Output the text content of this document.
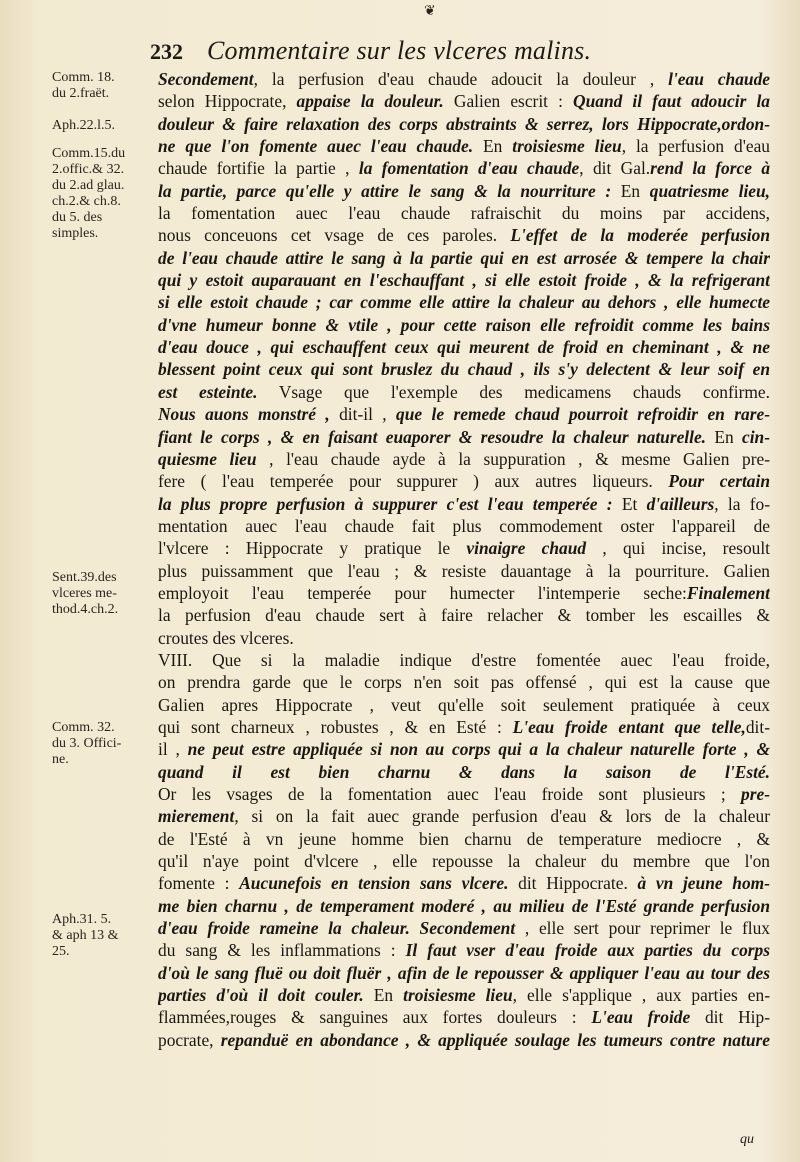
❦
232 Commentaire sur les vlceres malins.
Comm. 18.
du 2.fraët.
Aph.22.l.5.
Comm.15.du
2.offic.& 32.
du 2.ad glau.
ch.2.& ch.8.
du 5. des
simples.
Sent.39.des
vlceres me-
thod.4.ch.2.
Comm. 32.
du 3. Offici-
ne.
Aph.31. 5.
& aph 13 &
25.
Secondement, la perfusion d'eau chaude adoucit la douleur , l'eau chaude
selon Hippocrate, appaise la douleur. Galien escrit : Quand il faut adoucir la
douleur & faire relaxation des corps abstraints & serrez, lors Hippocrate,ordon-
ne que l'on fomente auec l'eau chaude. En troisiesme lieu, la perfusion d'eau
chaude fortifie la partie , la fomentation d'eau chaude, dit Gal.rend la force à
la partie, parce qu'elle y attire le sang & la nourriture : En quatriesme lieu,
la fomentation auec l'eau chaude rafraischit du moins par accidens,
nous conceuons cet vsage de ces paroles. L'effet de la moderée perfusion
de l'eau chaude attire le sang à la partie qui en est arrosée & tempere la chair
qui y estoit auparauant en l'eschauffant , si elle estoit froide , & la refrigerant
si elle estoit chaude ; car comme elle attire la chaleur au dehors , elle humecte
d'vne humeur bonne & vtile , pour cette raison elle refroidit comme les bains
d'eau douce , qui eschauffent ceux qui meurent de froid en cheminant , & ne
blessent point ceux qui sont bruslez du chaud , ils s'y delectent & leur soif en
est esteinte. Vsage que l'exemple des medicamens chauds confirme.
Nous auons monstré , dit-il , que le remede chaud pourroit refroidir en rare-
fiant le corps , & en faisant euaporer & resoudre la chaleur naturelle. En cin-
quiesme lieu , l'eau chaude ayde à la suppuration , & mesme Galien pre-
fere ( l'eau temperée pour suppurer ) aux autres liqueurs. Pour certain
la plus propre perfusion à suppurer c'est l'eau temperée : Et d'ailleurs, la fo-
mentation auec l'eau chaude fait plus commodement oster l'appareil de
l'vlcere : Hippocrate y pratique le vinaigre chaud , qui incise, resoult
plus puissamment que l'eau ; & resiste dauantage à la pourriture. Galien
employoit l'eau temperée pour humecter l'intemperie seche:Finalement
la perfusion d'eau chaude sert à faire relacher & tomber les escailles &
croutes des vlceres.
VIII. Que si la maladie indique d'estre fomentée auec l'eau froide,
on prendra garde que le corps n'en soit pas offensé , qui est la cause que
Galien apres Hippocrate , veut qu'elle soit seulement pratiquée à ceux
qui sont charneux , robustes , & en Esté : L'eau froide entant que telle,dit-
il , ne peut estre appliquée si non au corps qui a la chaleur naturelle forte , &
quand il est bien charnu & dans la saison de l'Esté.
Or les vsages de la fomentation auec l'eau froide sont plusieurs ; pre-
mierement, si on la fait auec grande perfusion d'eau & lors de la chaleur
de l'Esté à vn jeune homme bien charnu de temperature mediocre , &
qu'il n'aye point d'vlcere , elle repousse la chaleur du membre que l'on
fomente : Aucunefois en tension sans vlcere. dit Hippocrate. à vn jeune hom-
me bien charnu , de temperament moderé , au milieu de l'Esté grande perfusion
d'eau froide rameine la chaleur. Secondement , elle sert pour reprimer le flux
du sang & les inflammations : Il faut vser d'eau froide aux parties du corps
d'où le sang fluë ou doit fluër , afin de le repousser & appliquer l'eau au tour des
parties d'où il doit couler. En troisiesme lieu, elle s'applique , aux parties en-
flammées,rouges & sanguines aux fortes douleurs : L'eau froide dit Hip-
pocrate, repanduë en abondance , & appliquée soulage les tumeurs contre nature
qu
